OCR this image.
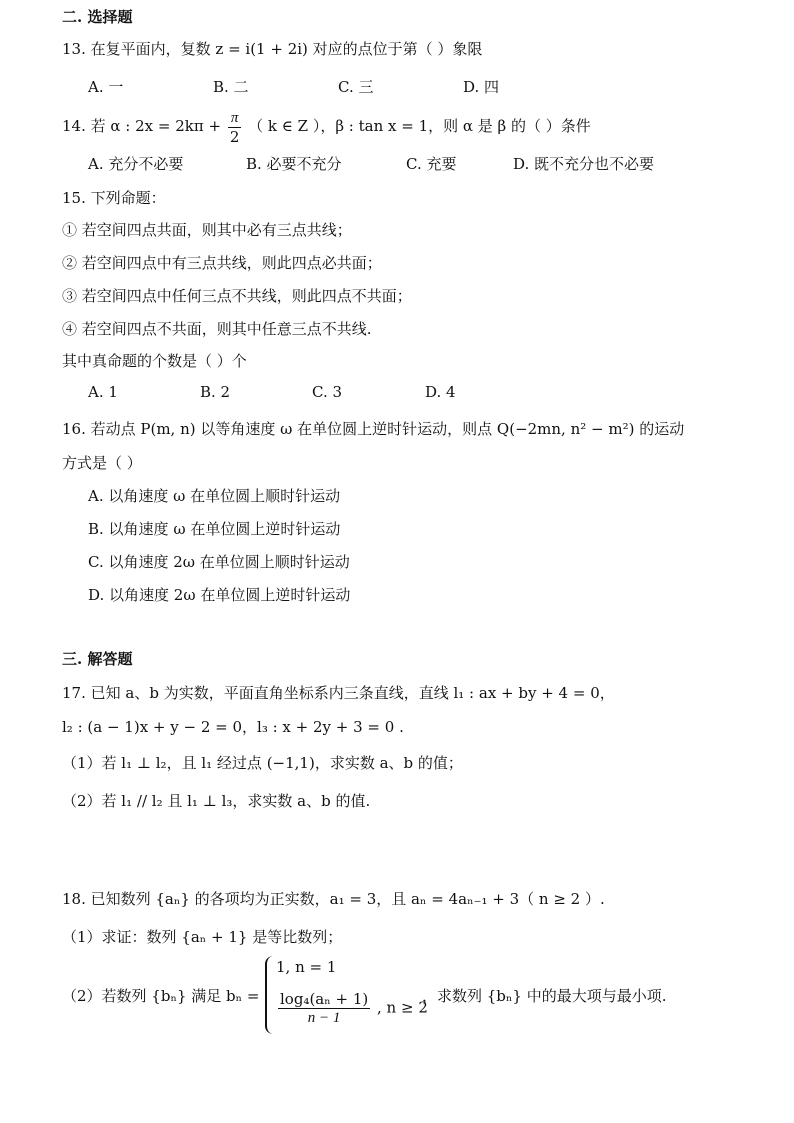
二. 选择题
13. 在复平面内，复数 z = i(1 + 2i) 对应的点位于第（ ）象限
A. 一	B. 二	C. 三	D. 四
14. 若 α : $2x = 2k\pi + \frac{\pi}{2}$ （ k ∈ Z ），β : tan x = 1，则 α 是 β 的（ ）条件
A. 充分不必要	B. 必要不充分	C. 充要	D. 既不充分也不必要
15. 下列命题：
① 若空间四点共面，则其中必有三点共线；
② 若空间四点中有三点共线，则此四点必共面；
③ 若空间四点中任何三点不共线，则此四点不共面；
④ 若空间四点不共面，则其中任意三点不共线.
其中真命题的个数是（ ）个
A. 1	B. 2	C. 3	D. 4
16. 若动点 P(m, n) 以等角速度 ω 在单位圆上逆时针运动，则点 Q(−2mn, n² − m²) 的运动
方式是（ ）
A. 以角速度 ω 在单位圆上顺时针运动
B. 以角速度 ω 在单位圆上逆时针运动
C. 以角速度 2ω 在单位圆上顺时针运动
D. 以角速度 2ω 在单位圆上逆时针运动
三. 解答题
17. 已知 a、b 为实数，平面直角坐标系内三条直线，直线 l₁ : ax + by + 4 = 0，
l₂ : (a − 1)x + y − 2 = 0，l₃ : x + 2y + 3 = 0 .
（1）若 l₁ ⊥ l₂，且 l₁ 经过点 (−1,1)，求实数 a、b 的值；
（2）若 l₁ // l₂ 且 l₁ ⊥ l₃，求实数 a、b 的值.
18. 已知数列 {aₙ} 的各项均为正实数，a₁ = 3，且 aₙ = 4aₙ₋₁ + 3（ n ≥ 2 ）.
（1）求证：数列 {aₙ + 1} 是等比数列；
（2）若数列 {bₙ} 满足 bₙ =
1, n = 1
$\frac{\text{log₄(aₙ + 1)}}{n - 1}$ , n ≥ 2
，求数列 {bₙ} 中的最大项与最小项.
